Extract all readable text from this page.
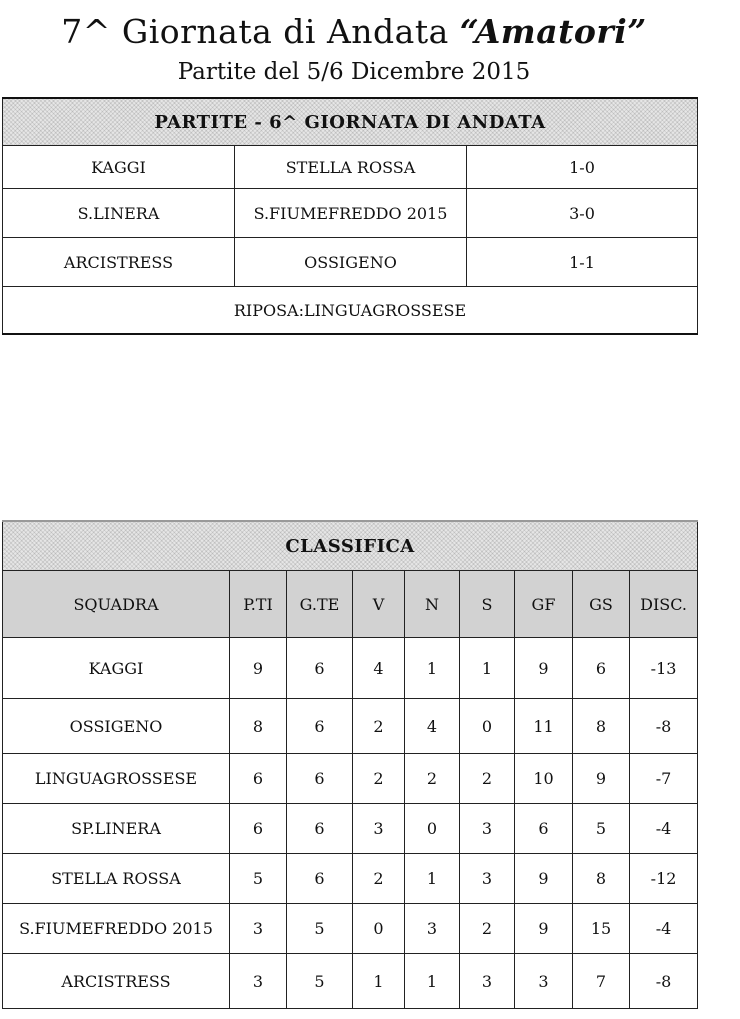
7^ Giornata di Andata “Amatori”
Partite del 5/6 Dicembre 2015
PARTITE - 6^ GIORNATA DI ANDATA		
KAGGI	STELLA ROSSA	1-0
S.LINERA	S.FIUMEFREDDO 2015	3-0
ARCISTRESS	OSSIGENO	1-1
RIPOSA:LINGUAGROSSESE		
CLASSIFICA								
SQUADRA	P.TI	G.TE	V	N	S	GF	GS	DISC.
KAGGI	9	6	4	1	1	9	6	-13
OSSIGENO	8	6	2	4	0	11	8	-8
LINGUAGROSSESE	6	6	2	2	2	10	9	-7
SP.LINERA	6	6	3	0	3	6	5	-4
STELLA ROSSA	5	6	2	1	3	9	8	-12
S.FIUMEFREDDO 2015	3	5	0	3	2	9	15	-4
ARCISTRESS	3	5	1	1	3	3	7	-8
